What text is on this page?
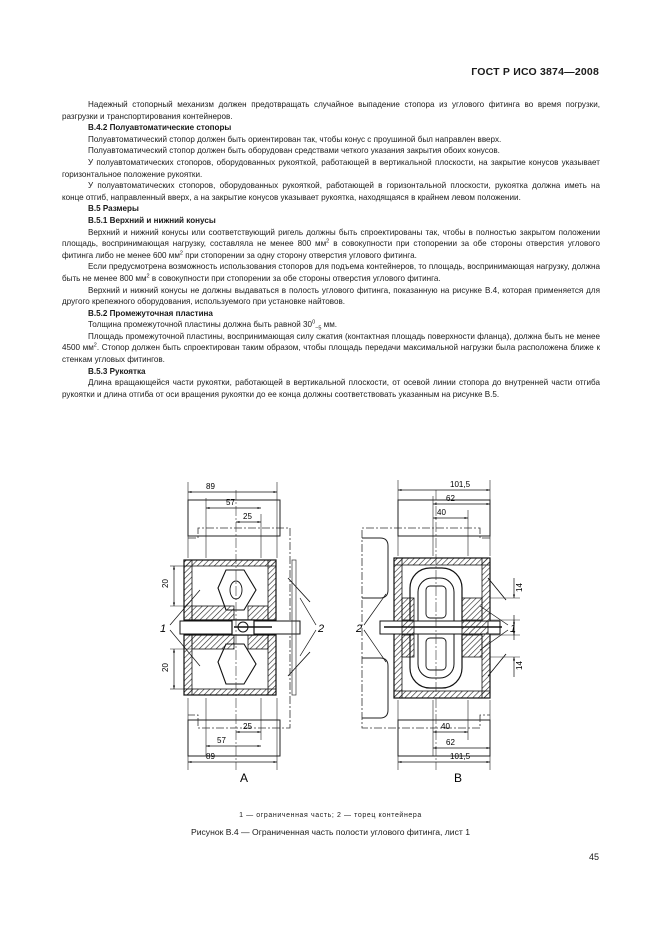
ГОСТ Р ИСО 3874—2008

Надежный стопорный механизм должен предотвращать случайное выпадение стопора из углового фитинга во время погрузки, разгрузки и транспортирования контейнеров.

B.4.2 Полуавтоматические стопоры

Полуавтоматический стопор должен быть ориентирован так, чтобы конус с проушиной был направлен вверх.

Полуавтоматический стопор должен быть оборудован средствами четкого указания закрытия обоих конусов.

У полуавтоматических стопоров, оборудованных рукояткой, работающей в вертикальной плоскости, на закрытие конусов указывает горизонтальное положение рукоятки.

У полуавтоматических стопоров, оборудованных рукояткой, работающей в горизонтальной плоскости, рукоятка должна иметь на конце отгиб, направленный вверх, а на закрытие конусов указывает рукоятка, находящаяся в крайнем левом положении.

B.5 Размеры

B.5.1 Верхний и нижний конусы

Верхний и нижний конусы или соответствующий ригель должны быть спроектированы так, чтобы в полностью закрытом положении площадь, воспринимающая нагрузку, составляла не менее 800 $мм^2$ в совокупности при стопорении за обе стороны отверстия углового фитинга либо не менее 600 $мм^2$ при стопорении за одну сторону отверстия углового фитинга.

Если предусмотрена возможность использования стопоров для подъема контейнеров, то площадь, воспринимающая нагрузку, должна быть не менее 800 $мм^2$ в совокупности при стопорении за обе стороны отверстия углового фитинга.

Верхний и нижний конусы не должны выдаваться в полость углового фитинга, показанную на рисунке B.4, которая применяется для другого крепежного оборудования, используемого при установке найтовов.

B.5.2 Промежуточная пластина

Толщина промежуточной пластины должна быть равной $30^0_{-5}$ мм.

Площадь промежуточной пластины, воспринимающая силу сжатия (контактная площадь поверхности фланца), должна быть не менее 4500 $мм^2$. Стопор должен быть спроектирован таким образом, чтобы площадь передачи максимальной нагрузки была расположена ближе к стенкам угловых фитингов.

B.5.3 Рукоятка

Длина вращающейся части рукоятки, работающей в вертикальной плоскости, от осевой линии стопора до внутренней части отгиба рукоятки и длина отгиба от оси вращения рукоятки до ее конца должны соответствовать указанным на рисунке B.5.

89
57
25
25
57
89
20
20
1	2
A
101,5
62
40
40
62
101,5
14
14
1
2
B
1 — ограниченная часть; 2 — торец контейнера
Рисунок B.4 — Ограниченная часть полости углового фитинга, лист 1
45
